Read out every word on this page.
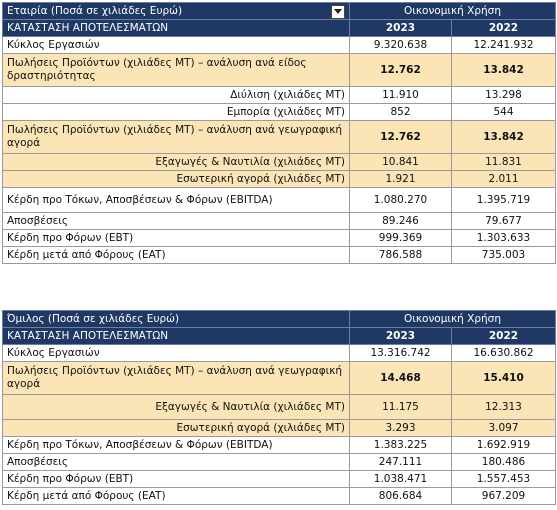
Εταιρία (Ποσά σε χιλιάδες Ευρώ)	Οικονομική Χρήση	
ΚΑΤΑΣΤΑΣΗ ΑΠΟΤΕΛΕΣΜΑΤΩΝ	2023	2022
Κύκλος Εργασιών	9.320.638	12.241.932
Πωλήσεις Προϊόντων (χιλιάδες ΜΤ) – ανάλυση ανά είδος δραστηριότητας	12.762	13.842
Διύλιση (χιλιάδες ΜΤ)	11.910	13.298
Εμπορία (χιλιάδες ΜΤ)	852	544
Πωλήσεις Προϊόντων (χιλιάδες ΜΤ) – ανάλυση ανά γεωγραφική αγορά	12.762	13.842
Εξαγωγές & Ναυτιλία (χιλιάδες ΜΤ)	10.841	11.831
Εσωτερική αγορά (χιλιάδες ΜΤ)	1.921	2.011
Κέρδη προ Τόκων, Αποσβέσεων & Φόρων (EBITDA)	1.080.270	1.395.719
Αποσβέσεις	89.246	79.677
Κέρδη προ Φόρων (EBT)	999.369	1.303.633
Κέρδη μετά από Φόρους (EAT)	786.588	735.003
Όμιλος (Ποσά σε χιλιάδες Ευρώ)	Οικονομική Χρήση	
ΚΑΤΑΣΤΑΣΗ ΑΠΟΤΕΛΕΣΜΑΤΩΝ	2023	2022
Κύκλος Εργασιών	13.316.742	16.630.862
Πωλήσεις Προϊόντων (χιλιάδες ΜΤ) – ανάλυση ανά γεωγραφική αγορά	14.468	15.410
Εξαγωγές & Ναυτιλία (χιλιάδες ΜΤ)	11.175	12.313
Εσωτερική αγορά (χιλιάδες ΜΤ)	3.293	3.097
Κέρδη προ Τόκων, Αποσβέσεων & Φόρων (EBITDA)	1.383.225	1.692.919
Αποσβέσεις	247.111	180.486
Κέρδη προ Φόρων (EBT)	1.038.471	1.557.453
Κέρδη μετά από Φόρους (EAT)	806.684	967.209
